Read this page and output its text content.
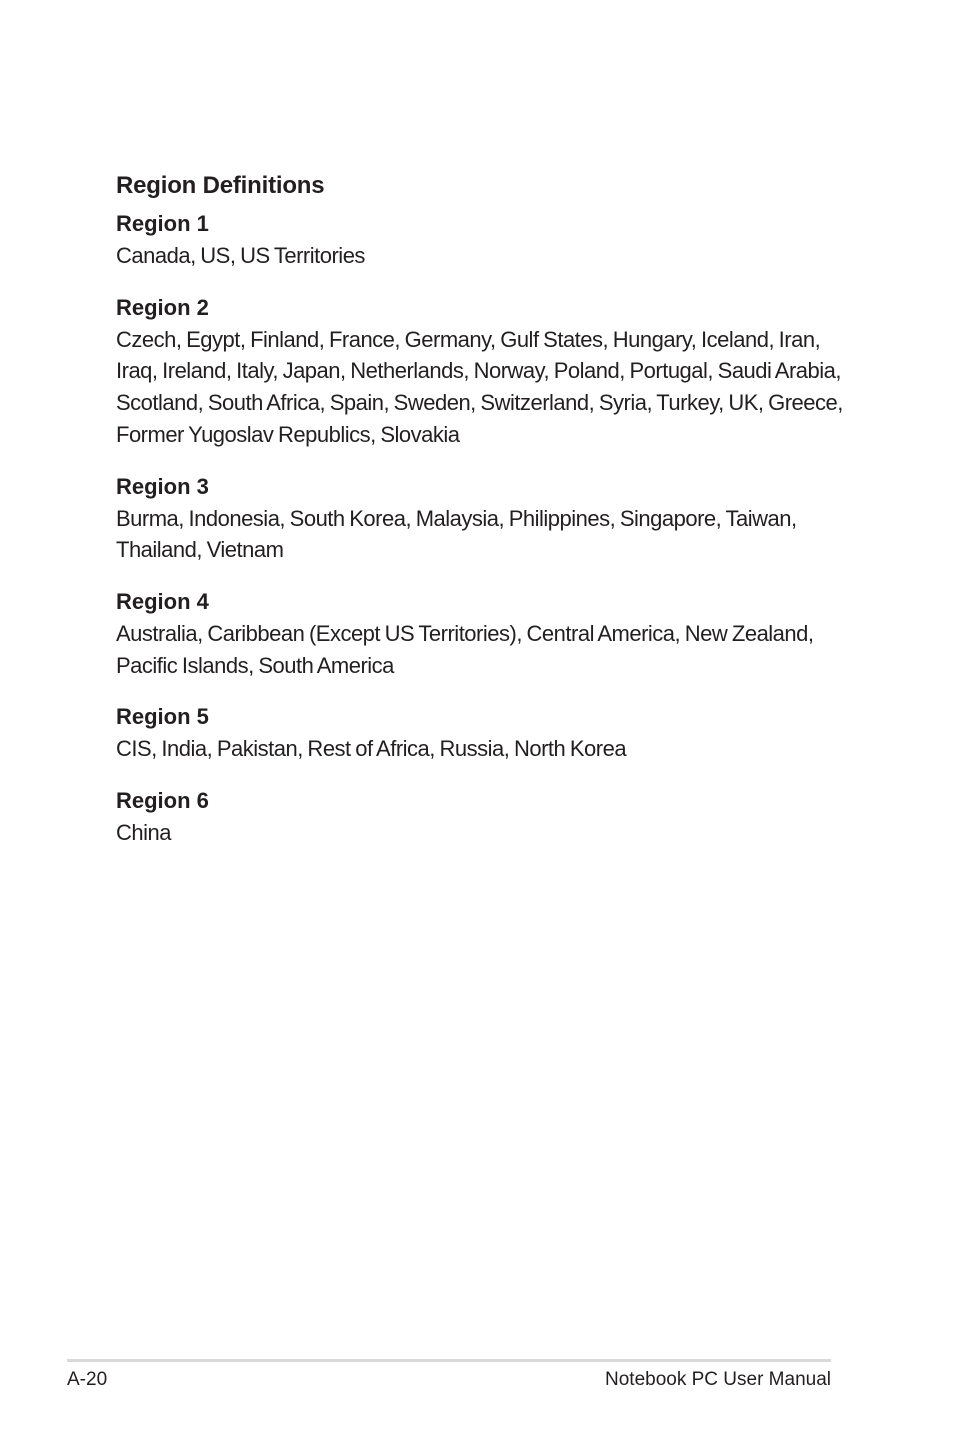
Region Definitions
Region 1

Canada, US, US Territories

Region 2

Czech, Egypt, Finland, France, Germany, Gulf States, Hungary, Iceland, Iran, Iraq, Ireland, Italy, Japan, Netherlands, Norway, Poland, Portugal, Saudi Arabia, Scotland, South Africa, Spain, Sweden, Switzerland, Syria, Turkey, UK, Greece, Former Yugoslav Republics, Slovakia

Region 3

Burma, Indonesia, South Korea, Malaysia, Philippines, Singapore, Taiwan, Thailand, Vietnam

Region 4

Australia, Caribbean (Except US Territories), Central America, New Zealand, Pacific Islands, South America

Region 5

CIS, India, Pakistan, Rest of Africa, Russia, North Korea

Region 6

China

A-20	Notebook PC User Manual
